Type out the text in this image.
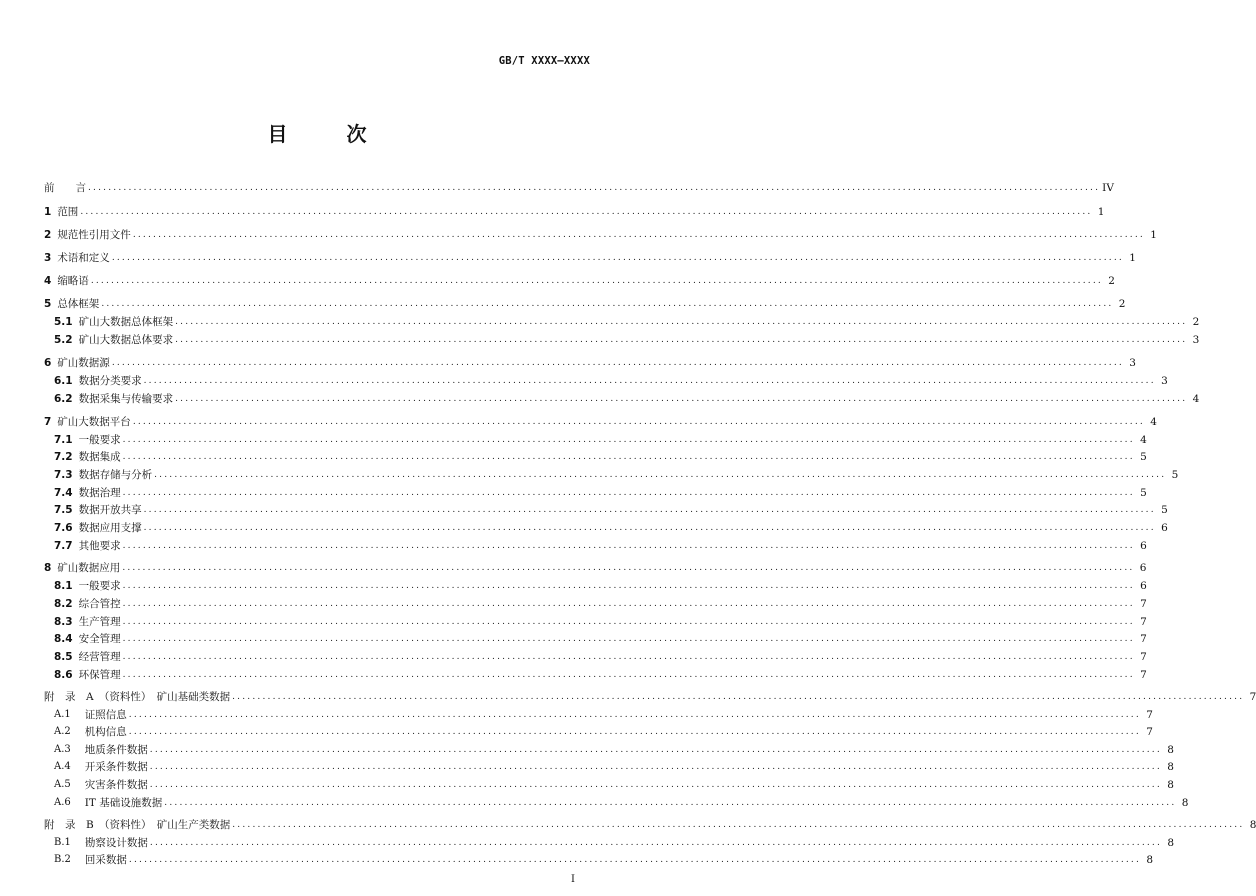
GB/T XXXX—XXXX
目 次
前　　言 ........................................................................................................................................................................................................ IV
1 范围 ........................................................................................................................................................................................................ 1
2 规范性引用文件 ........................................................................................................................................................................................................ 1
3 术语和定义 ........................................................................................................................................................................................................ 1
4 缩略语 ........................................................................................................................................................................................................ 2
5 总体框架 ........................................................................................................................................................................................................ 2
5.1 矿山大数据总体框架 ........................................................................................................................................................................................................ 2
5.2 矿山大数据总体要求 ........................................................................................................................................................................................................ 3
6 矿山数据源 ........................................................................................................................................................................................................ 3
6.1 数据分类要求 ........................................................................................................................................................................................................ 3
6.2 数据采集与传输要求 ........................................................................................................................................................................................................ 4
7 矿山大数据平台 ........................................................................................................................................................................................................ 4
7.1 一般要求 ........................................................................................................................................................................................................ 4
7.2 数据集成 ........................................................................................................................................................................................................ 5
7.3 数据存储与分析 ........................................................................................................................................................................................................ 5
7.4 数据治理 ........................................................................................................................................................................................................ 5
7.5 数据开放共享 ........................................................................................................................................................................................................ 5
7.6 数据应用支撑 ........................................................................................................................................................................................................ 6
7.7 其他要求 ........................................................................................................................................................................................................ 6
8 矿山数据应用 ........................................................................................................................................................................................................ 6
8.1 一般要求 ........................................................................................................................................................................................................ 6
8.2 综合管控 ........................................................................................................................................................................................................ 7
8.3 生产管理 ........................................................................................................................................................................................................ 7
8.4 安全管理 ........................................................................................................................................................................................................ 7
8.5 经营管理 ........................................................................................................................................................................................................ 7
8.6 环保管理 ........................................................................................................................................................................................................ 7
附　录　A　（资料性）　矿山基础类数据 ........................................................................................................................................................................................................ 7
A.1 证照信息 ........................................................................................................................................................................................................ 7
A.2 机构信息 ........................................................................................................................................................................................................ 7
A.3 地质条件数据 ........................................................................................................................................................................................................ 8
A.4 开采条件数据 ........................................................................................................................................................................................................ 8
A.5 灾害条件数据 ........................................................................................................................................................................................................ 8
A.6 IT 基础设施数据 ........................................................................................................................................................................................................ 8
附　录　B　（资料性）　矿山生产类数据 ........................................................................................................................................................................................................ 8
B.1 勘察设计数据 ........................................................................................................................................................................................................ 8
B.2 回采数据 ........................................................................................................................................................................................................ 8
I
